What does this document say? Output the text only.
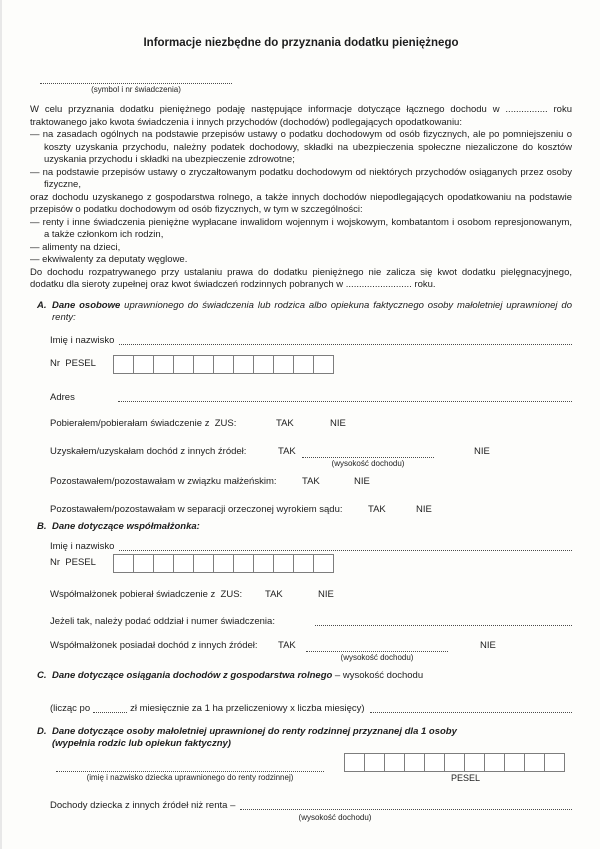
Informacje niezbędne do przyznania dodatku pieniężnego
(symbol i nr świadczenia)

W celu przyznania dodatku pieniężnego podaję następujące informacje dotyczące łącznego dochodu w ................ roku traktowanego jako kwota świadczenia i innych przychodów (dochodów) podlegających opodatkowaniu:

— na zasadach ogólnych na podstawie przepisów ustawy o podatku dochodowym od osób fizycznych, ale po pomniejszeniu o koszty uzyskania przychodu, należny podatek dochodowy, składki na ubezpieczenia społeczne niezaliczone do kosztów uzyskania przychodu i składki na ubezpieczenie zdrowotne;

— na podstawie przepisów ustawy o zryczałtowanym podatku dochodowym od niektórych przychodów osiąganych przez osoby fizyczne,

oraz dochodu uzyskanego z gospodarstwa rolnego, a także innych dochodów niepodlegających opodatkowaniu na podstawie przepisów o podatku dochodowym od osób fizycznych, w tym w szczególności:

— renty i inne świadczenia pieniężne wypłacane inwalidom wojennym i wojskowym, kombatantom i osobom represjonowanym, a także członkom ich rodzin,

— alimenty na dzieci,

— ekwiwalenty za deputaty węglowe.

Do dochodu rozpatrywanego przy ustalaniu prawa do dodatku pieniężnego nie zalicza się kwot dodatku pielęgnacyjnego, dodatku dla sieroty zupełnej oraz kwot świadczeń rodzinnych pobranych w ......................... roku.

A. Dane osobowe uprawnionego do świadczenia lub rodzica albo opiekuna faktycznego osoby małoletniej uprawnionej do renty:
Imię i nazwisko
Nr  PESEL
Adres
Pobierałem/pobierałam świadczenie z  ZUS:	TAK	NIE
Uzyskałem/uzyskałam dochód z innych źródeł:	TAK	NIE
(wysokość dochodu)
Pozostawałem/pozostawałam w związku małżeńskim:	TAK	NIE
Pozostawałem/pozostawałam w separacji orzeczonej wyrokiem sądu:	TAK	NIE
B. Dane dotyczące współmałżonka:
Imię i nazwisko
Nr  PESEL
Współmałżonek pobierał świadczenie z  ZUS: TAK	NIE
Jeżeli tak, należy podać oddział i numer świadczenia:
Współmałżonek posiadał dochód z innych źródeł: TAK	NIE
(wysokość dochodu)
C. Dane dotyczące osiągania dochodów z gospodarstwa rolnego – wysokość dochodu
(licząc po	zł miesięcznie za 1 ha przeliczeniowy x liczba miesięcy)
D. Dane dotyczące osoby małoletniej uprawnionej do renty rodzinnej przyznanej dla 1 osoby
(wypełnia rodzic lub opiekun faktyczny)
(imię i nazwisko dziecka uprawnionego do renty rodzinnej)	PESEL
Dochody dziecka z innych źródeł niż renta –
(wysokość dochodu)
